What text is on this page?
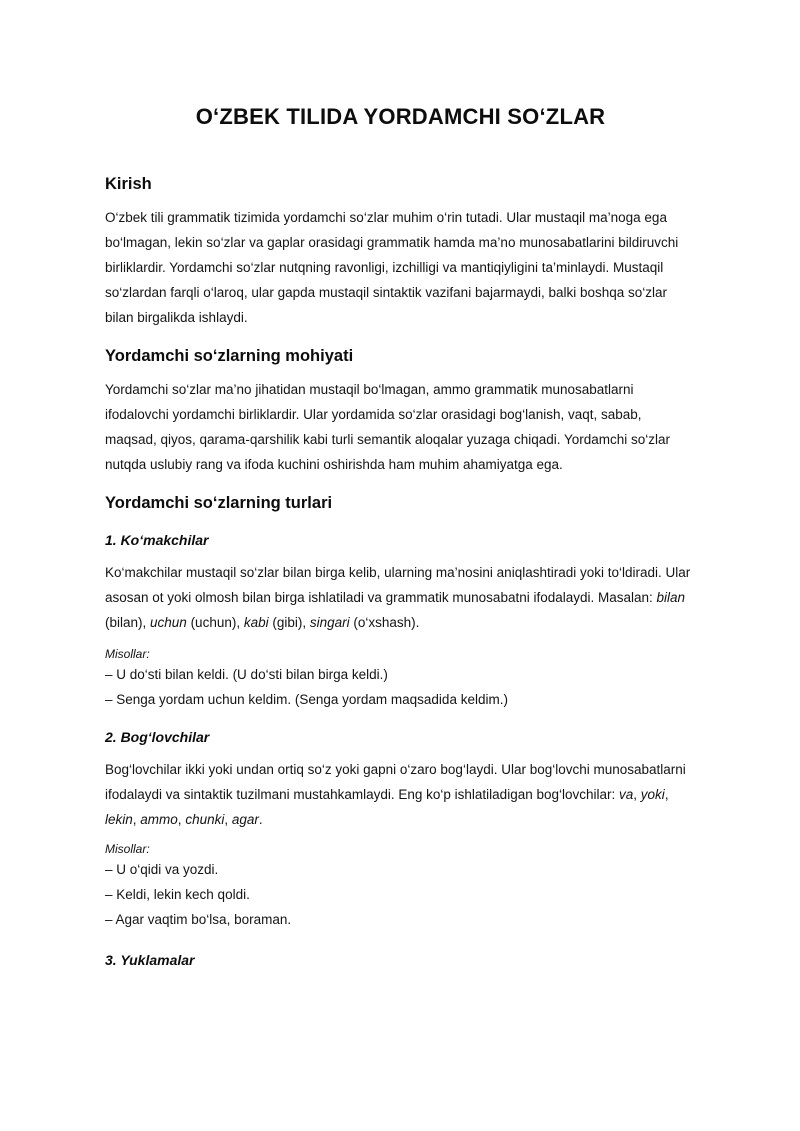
O‘ZBEK TILIDA YORDAMCHI SO‘ZLAR
Kirish

O‘zbek tili grammatik tizimida yordamchi so‘zlar muhim o‘rin tutadi. Ular mustaqil ma’noga ega bo‘lmagan, lekin so‘zlar va gaplar orasidagi grammatik hamda ma’no munosabatlarini bildiruvchi birliklardir. Yordamchi so‘zlar nutqning ravonligi, izchilligi va mantiqiyligini ta’minlaydi. Mustaqil so‘zlardan farqli o‘laroq, ular gapda mustaqil sintaktik vazifani bajarmaydi, balki boshqa so‘zlar bilan birgalikda ishlaydi.

Yordamchi so‘zlarning mohiyati

Yordamchi so‘zlar ma’no jihatidan mustaqil bo‘lmagan, ammo grammatik munosabatlarni ifodalovchi yordamchi birliklardir. Ular yordamida so‘zlar orasidagi bog‘lanish, vaqt, sabab, maqsad, qiyos, qarama-qarshilik kabi turli semantik aloqalar yuzaga chiqadi. Yordamchi so‘zlar nutqda uslubiy rang va ifoda kuchini oshirishda ham muhim ahamiyatga ega.

Yordamchi so‘zlarning turlari
1. Ko‘makchilar

Ko‘makchilar mustaqil so‘zlar bilan birga kelib, ularning ma’nosini aniqlashtiradi yoki to‘ldiradi. Ular asosan ot yoki olmosh bilan birga ishlatiladi va grammatik munosabatni ifodalaydi. Masalan: bilan (bilan), uchun (uchun), kabi (gibi), singari (o‘xshash).

Misollar:

– U do‘sti bilan keldi. (U do‘sti bilan birga keldi.)

– Senga yordam uchun keldim. (Senga yordam maqsadida keldim.)

2. Bog‘lovchilar

Bog‘lovchilar ikki yoki undan ortiq so‘z yoki gapni o‘zaro bog‘laydi. Ular bog‘lovchi munosabatlarni ifodalaydi va sintaktik tuzilmani mustahkamlaydi. Eng ko‘p ishlatiladigan bog‘lovchilar: va, yoki, lekin, ammo, chunki, agar.

Misollar:

– U o‘qidi va yozdi.

– Keldi, lekin kech qoldi.

– Agar vaqtim bo‘lsa, boraman.

3. Yuklamalar
